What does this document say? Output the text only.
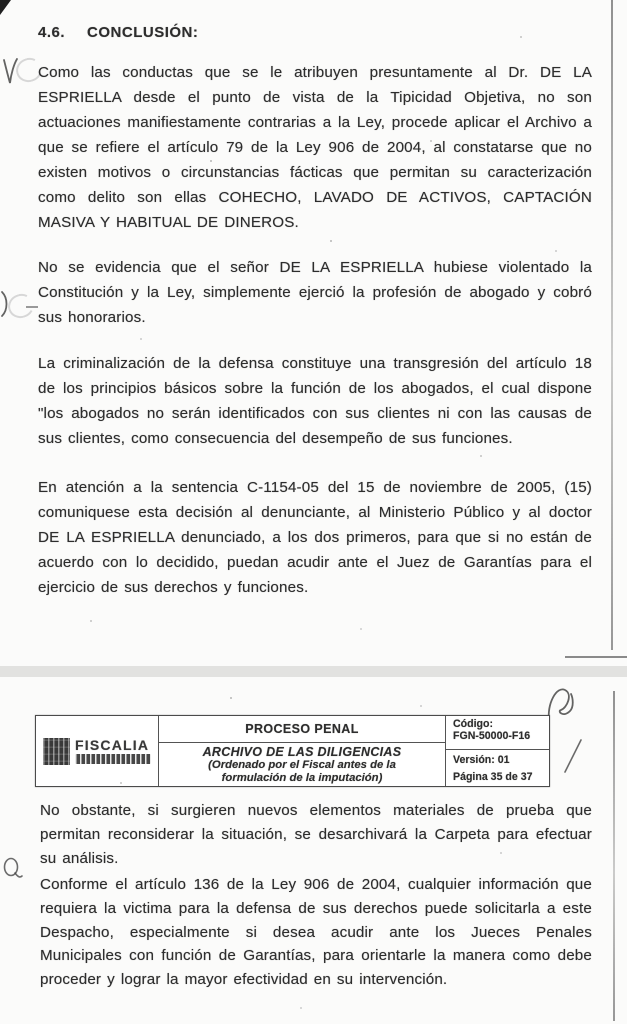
4.6. CONCLUSIÓN:

Como las conductas que se le atribuyen presuntamente al Dr. DE LA ESPRIELLA desde el punto de vista de la Tipicidad Objetiva, no son actuaciones manifiestamente contrarias a la Ley, procede aplicar el Archivo a que se refiere el artículo 79 de la Ley 906 de 2004, al constatarse que no existen motivos o circunstancias fácticas que permitan su caracterización como delito son ellas COHECHO, LAVADO DE ACTIVOS, CAPTACIÓN MASIVA Y HABITUAL DE DINEROS.

No se evidencia que el señor DE LA ESPRIELLA hubiese violentado la Constitución y la Ley, simplemente ejerció la profesión de abogado y cobró sus honorarios.

La criminalización de la defensa constituye una transgresión del artículo 18 de los principios básicos sobre la función de los abogados, el cual dispone "los abogados no serán identificados con sus clientes ni con las causas de sus clientes, como consecuencia del desempeño de sus funciones.

En atención a la sentencia C-1154-05 del 15 de noviembre de 2005, (15) comuniquese esta decisión al denunciante, al Ministerio Público y al doctor DE LA ESPRIELLA denunciado, a los dos primeros, para que si no están de acuerdo con lo decidido, puedan acudir ante el Juez de Garantías para el ejercicio de sus derechos y funciones.

FISCALIA
PROCESO PENAL
ARCHIVO DE LAS DILIGENCIAS
(Ordenado por el Fiscal antes de la formulación de la imputación)
Código:
FGN-50000-F16
Versión: 01
Página 35 de 37

No obstante, si surgieren nuevos elementos materiales de prueba que permitan reconsiderar la situación, se desarchivará la Carpeta para efectuar su análisis.

Conforme el artículo 136 de la Ley 906 de 2004, cualquier información que requiera la victima para la defensa de sus derechos puede solicitarla a este Despacho, especialmente si desea acudir ante los Jueces Penales Municipales con función de Garantías, para orientarle la manera como debe proceder y lograr la mayor efectividad en su intervención.
